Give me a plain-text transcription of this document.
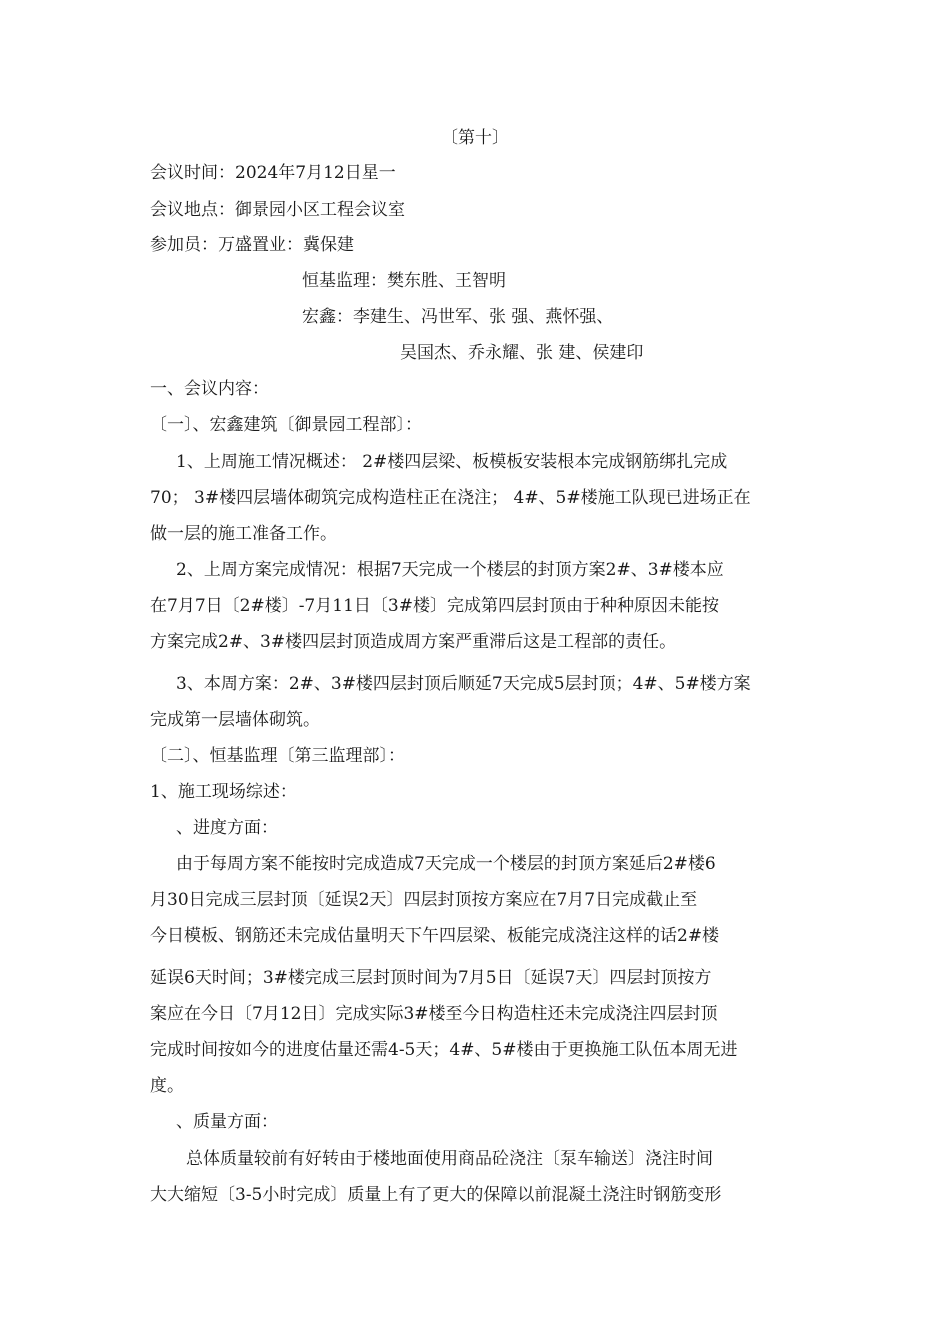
〔第十〕
会议时间：2024年7月12日星一
会议地点：御景园小区工程会议室
参加员：万盛置业：冀保建
恒基监理：樊东胜、王智明
宏鑫：李建生、冯世军、张 强、燕怀强、
吴国杰、乔永耀、张 建、侯建印
一、会议内容：
〔一〕、宏鑫建筑〔御景园工程部〕：
1、上周施工情况概述： 2#楼四层梁、板模板安装根本完成钢筋绑扎完成
70； 3#楼四层墙体砌筑完成构造柱正在浇注； 4#、5#楼施工队现已进场正在
做一层的施工准备工作。
2、上周方案完成情况：根据7天完成一个楼层的封顶方案2#、3#楼本应
在7月7日〔2#楼〕-7月11日〔3#楼〕完成第四层封顶由于种种原因未能按
方案完成2#、3#楼四层封顶造成周方案严重滞后这是工程部的责任。
3、本周方案：2#、3#楼四层封顶后顺延7天完成5层封顶；4#、5#楼方案
完成第一层墙体砌筑。
〔二〕、恒基监理〔第三监理部〕：
1、施工现场综述：
、进度方面：
由于每周方案不能按时完成造成7天完成一个楼层的封顶方案延后2#楼6
月30日完成三层封顶〔延误2天〕四层封顶按方案应在7月7日完成截止至
今日模板、钢筋还未完成估量明天下午四层梁、板能完成浇注这样的话2#楼
延误6天时间；3#楼完成三层封顶时间为7月5日〔延误7天〕四层封顶按方
案应在今日〔7月12日〕完成实际3#楼至今日构造柱还未完成浇注四层封顶
完成时间按如今的进度估量还需4-5天；4#、5#楼由于更换施工队伍本周无进
度。
、质量方面：
总体质量较前有好转由于楼地面使用商品砼浇注〔泵车输送〕浇注时间
大大缩短〔3-5小时完成〕质量上有了更大的保障以前混凝土浇注时钢筋变形
